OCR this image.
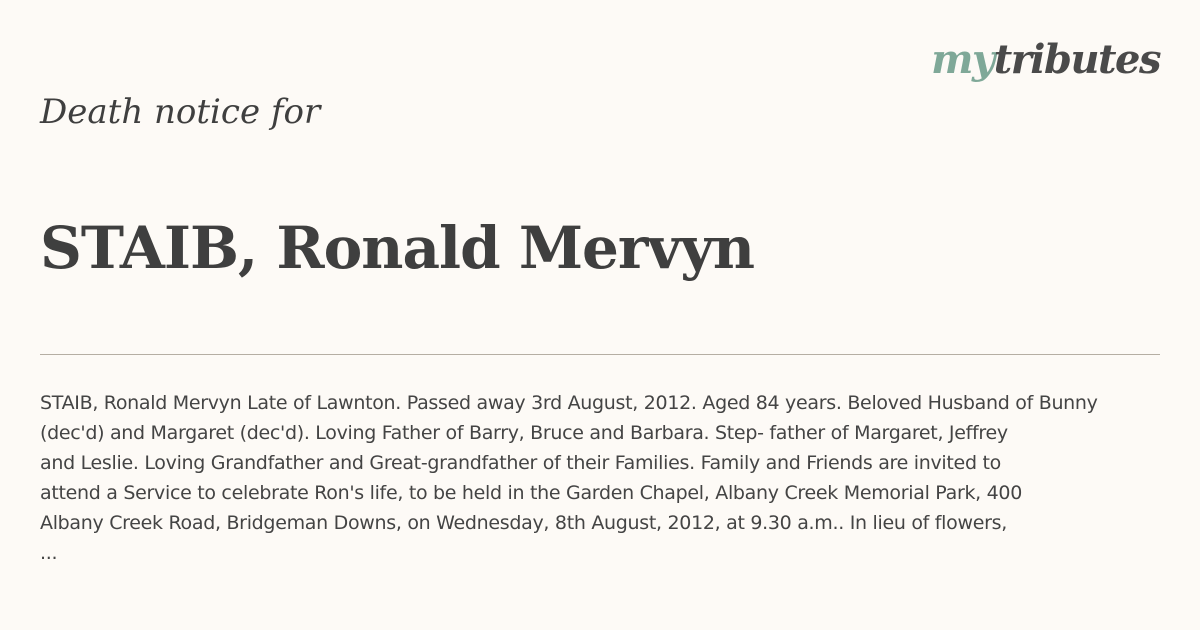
mytributes
Death notice for
STAIB, Ronald Mervyn
STAIB, Ronald Mervyn Late of Lawnton. Passed away 3rd August, 2012. Aged 84 years. Beloved Husband of Bunny
(dec'd) and Margaret (dec'd). Loving Father of Barry, Bruce and Barbara. Step- father of Margaret, Jeffrey
and Leslie. Loving Grandfather and Great-grandfather of their Families. Family and Friends are invited to
attend a Service to celebrate Ron's life, to be held in the Garden Chapel, Albany Creek Memorial Park, 400
Albany Creek Road, Bridgeman Downs, on Wednesday, 8th August, 2012, at 9.30 a.m.. In lieu of flowers,
...
